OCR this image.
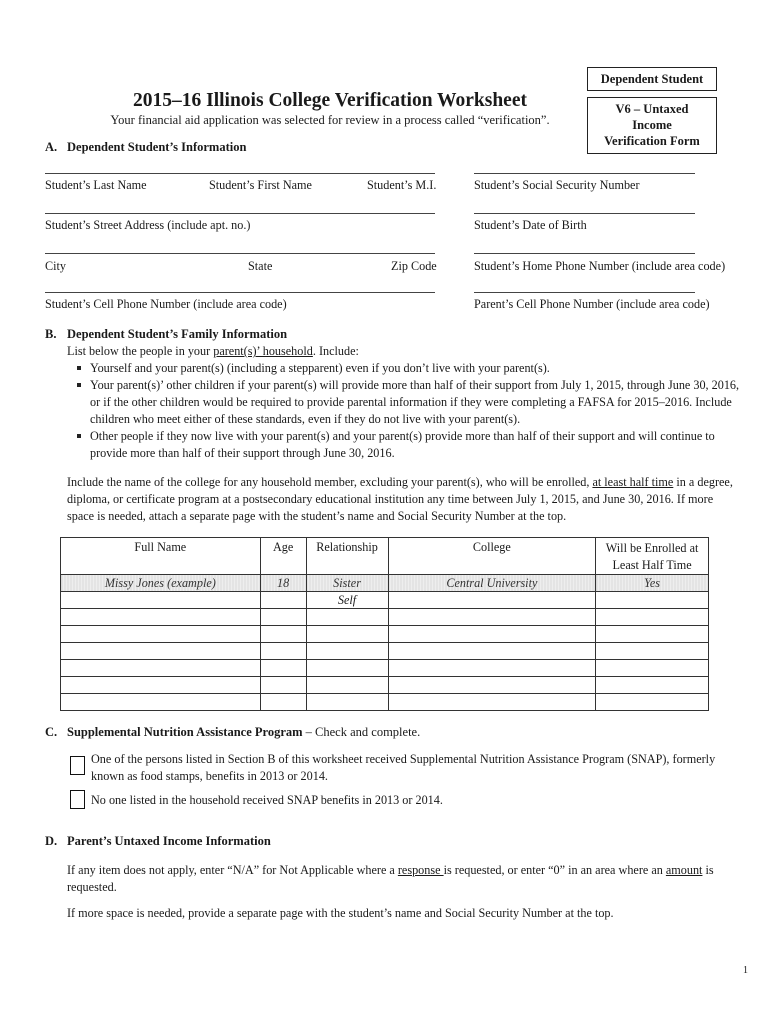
Dependent Student
V6 – Untaxed
Income
Verification Form
2015–16 Illinois College Verification Worksheet
Your financial aid application was selected for review in a process called “verification”.
A. Dependent Student’s Information
Student’s Last Name	Student’s First Name	Student’s M.I.	Student’s Social Security Number
Student’s Street Address (include apt. no.)	Student’s Date of Birth
City	State	Zip Code	Student’s Home Phone Number (include area code)
Student’s Cell Phone Number (include area code)	Parent’s Cell Phone Number (include area code)
B. Dependent Student’s Family Information
List below the people in your parent(s)’ household. Include:
Yourself and your parent(s) (including a stepparent) even if you don’t live with your parent(s).
Your parent(s)’ other children if your parent(s) will provide more than half of their support from July 1, 2015, through June 30, 2016, or if the other children would be required to provide parental information if they were completing a FAFSA for 2015–2016. Include children who meet either of these standards, even if they do not live with your parent(s).
Other people if they now live with your parent(s) and your parent(s) provide more than half of their support and will continue to provide more than half of their support through June 30, 2016.
Include the name of the college for any household member, excluding your parent(s), who will be enrolled, at least half time in a degree, diploma, or certificate program at a postsecondary educational institution any time between July 1, 2015, and June 30, 2016. If more space is needed, attach a separate page with the student’s name and Social Security Number at the top.
Full Name	Age	Relationship	College	Will be Enrolled at Least Half Time
Missy Jones (example)	18	Sister	Central University	Yes
		Self		

C. Supplemental Nutrition Assistance Program – Check and complete.
One of the persons listed in Section B of this worksheet received Supplemental Nutrition Assistance Program (SNAP), formerly known as food stamps, benefits in 2013 or 2014.
No one listed in the household received SNAP benefits in 2013 or 2014.
D. Parent’s Untaxed Income Information
If any item does not apply, enter “N/A” for Not Applicable where a response is requested, or enter “0” in an area where an amount is requested.
If more space is needed, provide a separate page with the student’s name and Social Security Number at the top.
1
